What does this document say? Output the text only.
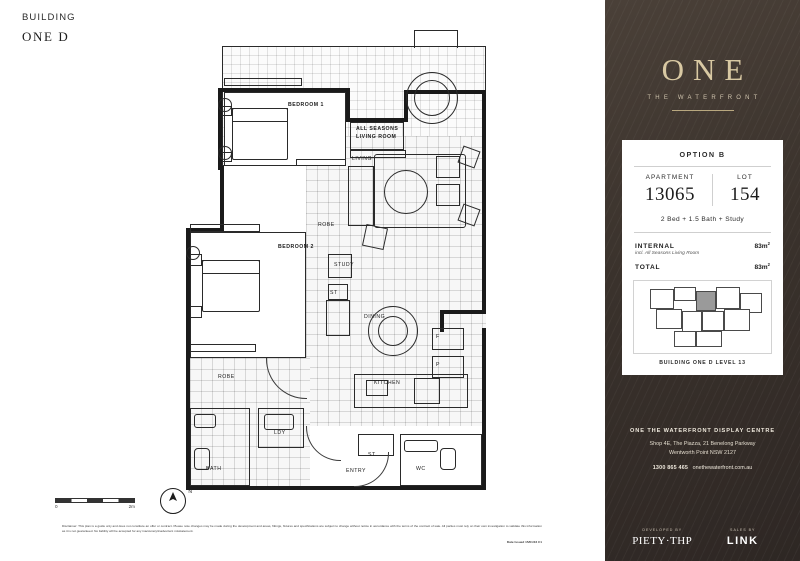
BUILDING
ONE D
BEDROOM 1
ALL SEASONS
LIVING ROOM
LIVING
ROBE
BEDROOM 2
STUDY
ST
DINING
ROBE
KITCHEN
LDY
BATH	ENTRY
ST
WC
F
P
0	2m
N
Disclaimer: This plan is a guide only and does not constitute an offer or contract. Please note changes may be made during the development and areas, fittings, fixtures and specifications are subject to change without notice in accordance with the terms of the contract of sale. All parties must rely on their own investigation to validate this information as it is not guaranteed. No liability will be accepted for any inaccuracy/inadvertent misstatement.
Date Issued 15/01/16 C1
ONE
THE WATERFRONT
OPTION B
APARTMENT
13065
LOT
154
2 Bed + 1.5 Bath + Study
INTERNAL	$83m^2$
incl. All Seasons Living Room
TOTAL	$83m^2$
BUILDING ONE D LEVEL 13
ONE THE WATERFRONT DISPLAY CENTRE
Shop 4E, The Piazza, 21 Benelong Parkway
Wentworth Point NSW 2127
1300 865 465 onethewaterfront.com.au
DEVELOPED BY
PIETY·THP
SALES BY
LINK
